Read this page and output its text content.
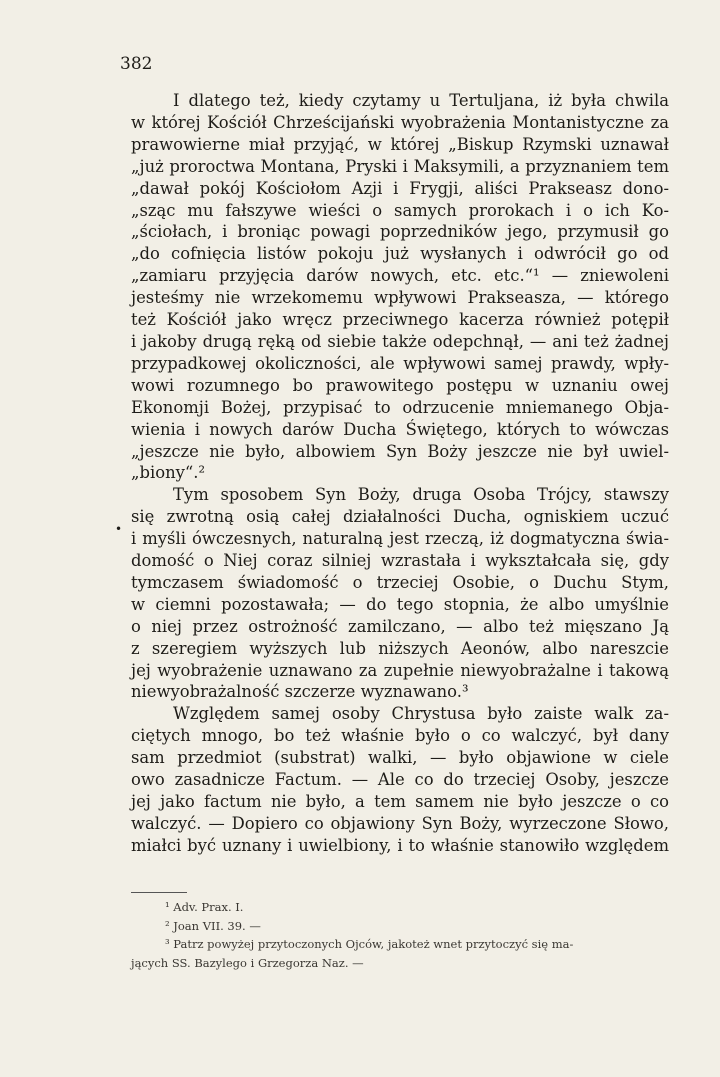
382
•
I dlatego też, kiedy czytamy u Tertuljana, iż była chwila
w której Kościół Chrześcijański wyobrażenia Montanistyczne za
prawowierne miał przyjąć, w której „Biskup Rzymski uznawał
„już proroctwa Montana, Pryski i Maksymili, a przyznaniem tem
„dawał pokój Kościołom Azji i Frygji, aliści Prakseasz dono-
„sząc mu fałszywe wieści o samych prorokach i o ich Ko-
„ściołach, i broniąc powagi poprzedników jego, przymusił go
„do cofnięcia listów pokoju już wysłanych i odwrócił go od
„zamiaru przyjęcia darów nowych, etc. etc.“¹ — zniewoleni
jesteśmy nie wrzekomemu wpływowi Prakseasza, — którego
też Kościół jako wręcz przeciwnego kacerza również potępił
i jakoby drugą ręką od siebie także odepchnął, — ani też żadnej
przypadkowej okoliczności, ale wpływowi samej prawdy, wpły-
wowi rozumnego bo prawowitego postępu w uznaniu owej
Ekonomji Bożej, przypisać to odrzucenie mniemanego Obja-
wienia i nowych darów Ducha Świętego, których to wówczas
„jeszcze nie było, albowiem Syn Boży jeszcze nie był uwiel-
„biony“.²
Tym sposobem Syn Boży, druga Osoba Trójcy, stawszy
się zwrotną osią całej działalności Ducha, ogniskiem uczuć
i myśli ówczesnych, naturalną jest rzeczą, iż dogmatyczna świa-
domość o Niej coraz silniej wzrastała i wykształcała się, gdy
tymczasem świadomość o trzeciej Osobie, o Duchu Stym,
w ciemni pozostawała; — do tego stopnia, że albo umyślnie
o niej przez ostrożność zamilczano, — albo też mięszano Ją
z szeregiem wyższych lub niższych Aeonów, albo nareszcie
jej wyobrażenie uznawano za zupełnie niewyobrażalne i takową
niewyobrażalność szczerze wyznawano.³
Względem samej osoby Chrystusa było zaiste walk za-
ciętych mnogo, bo też właśnie było o co walczyć, był dany
sam przedmiot (substrat) walki, — było objawione w ciele
owo zasadnicze Factum. — Ale co do trzeciej Osoby, jeszcze
jej jako factum nie było, a tem samem nie było jeszcze o co
walczyć. — Dopiero co objawiony Syn Boży, wyrzeczone Słowo,
miałci być uznany i uwielbiony, i to właśnie stanowiło względem
¹ Adv. Prax. I.
² Joan VII. 39. —
³ Patrz powyżej przytoczonych Ojców, jakoteż wnet przytoczyć się ma-
jących SS. Bazylego i Grzegorza Naz. —
